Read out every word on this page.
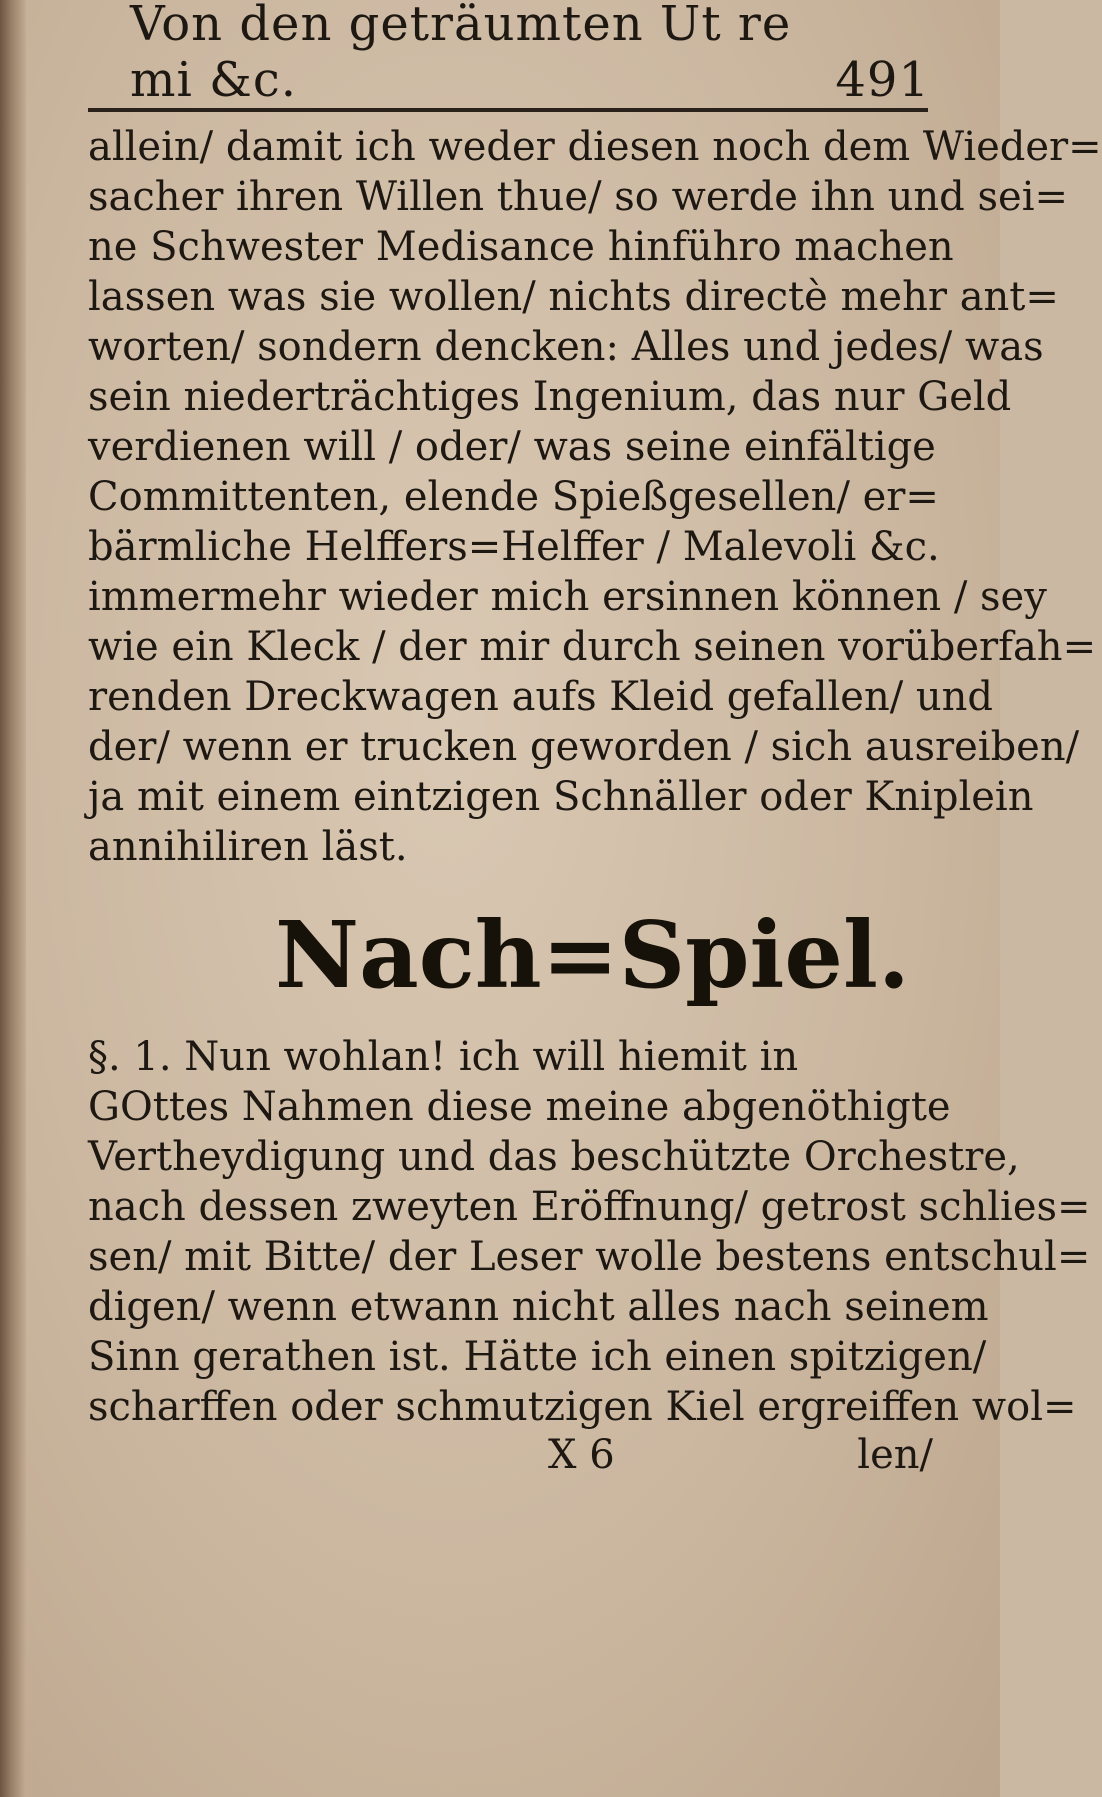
Von den geträumten Ut re mi &c.	491
allein/ damit ich weder diesen noch dem Wieder=
sacher ihren Willen thue/ so werde ihn und sei=
ne Schwester Medisance hinführo machen
lassen was sie wollen/ nichts directè mehr ant=
worten/ sondern dencken: Alles und jedes/ was
sein niederträchtiges Ingenium, das nur Geld
verdienen will / oder/ was seine einfältige
Committenten, elende Spießgesellen/ er=
bärmliche Helffers=Helffer / Malevoli &c.
immermehr wieder mich ersinnen können / sey
wie ein Kleck / der mir durch seinen vorüberfah=
renden Dreckwagen aufs Kleid gefallen/ und
der/ wenn er trucken geworden / sich ausreiben/
ja mit einem eintzigen Schnäller oder Kniplein
annihiliren läst.
Nach=Spiel.
§. 1. Nun wohlan! ich will hiemit in
GOttes Nahmen diese meine abgenöthigte
Vertheydigung und das beschützte Orchestre,
nach dessen zweyten Eröffnung/ getrost schlies=
sen/ mit Bitte/ der Leser wolle bestens entschul=
digen/ wenn etwann nicht alles nach seinem
Sinn gerathen ist. Hätte ich einen spitzigen/
scharffen oder schmutzigen Kiel ergreiffen wol=
X 6	len/
